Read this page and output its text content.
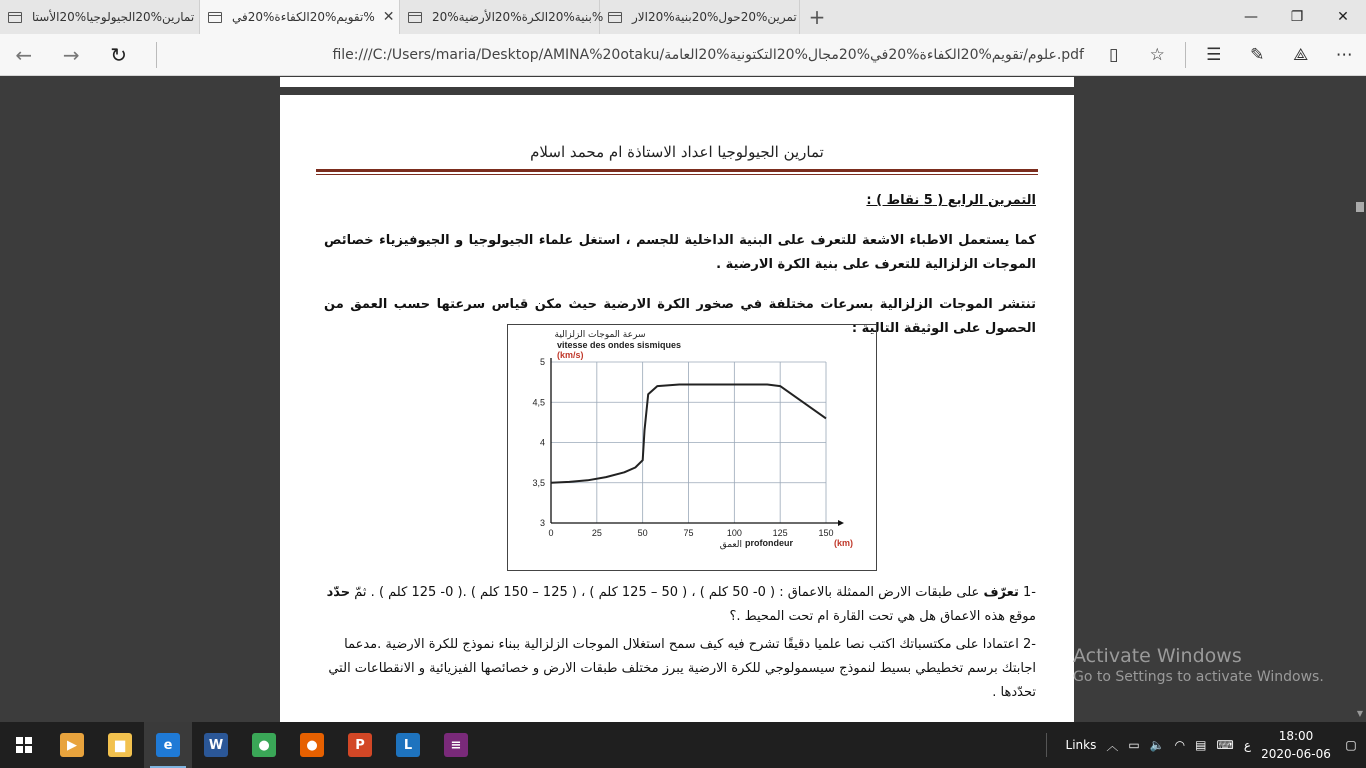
تمارين%20الجيولوجيا%20الأستا	تقويم%20الكفاءة%20في% ✕	بنية%20الكرة%20الأرضية%20% تمرين%20حول%20بنية%20الار +	—	❐	✕
←	→	↻	file:///C:/Users/maria/Desktop/AMINA%20otaku/علوم/تقويم%20الكفاءة%20في%20مجال%20التكتونية%20العامة.pdf	▯	☆	☰	✎	⟁	⋯
تمارين الجيولوجيا اعداد الاستاذة ام محمد اسلام
التمرين الرابع ( 5 نقاط ) :
كما يستعمل الاطباء الاشعة للتعرف على البنية الداخلية للجسم ، استغل علماء الجيولوجيا و الجيوفيزياء خصائص الموجات الزلزالية للتعرف على بنية الكرة الارضية .
تنتشر الموجات الزلزالية بسرعات مختلفة في صخور الكرة الارضية حيث مكن قياس سرعتها حسب العمق من الحصول على الوثيقة التالية :
0	25	50	75	100	125	150
3
3,5
4
4,5
5
سرعة الموجات الزلزالية
vitesse des ondes sismiques
(km/s)
profondeur	(km)
العمق
-1 تعرّف على طبقات الارض الممثلة بالاعماق : ( 0- 50 كلم ) ، ( 50 – 125 كلم ) ، ( 125 – 150 كلم ) .( 0- 125 كلم ) . ثمّ حدّد موقع هذه الاعماق هل هي تحت القارة ام تحت المحيط .؟
-2 اعتمادا على مكتسباتك اكتب نصا علميا دقيقًا تشرح فيه كيف سمح استغلال الموجات الزلزالية ببناء نموذج للكرة الارضية .مدعما اجابتك برسم تخطيطي بسيط لنموذج سيسمولوجي للكرة الارضية يبرز مختلف طبقات الارض و خصائصها الفيزيائية و الانقطاعات التي تحدّدها .
▼
Activate Windows
Go to Settings to activate Windows.
▶	▆	e	W	●	●	P	L	≡	Links ︿ ▭ 🔈 ◠ ▤ ⌨ ع
18:00
2020-06-06
▢
